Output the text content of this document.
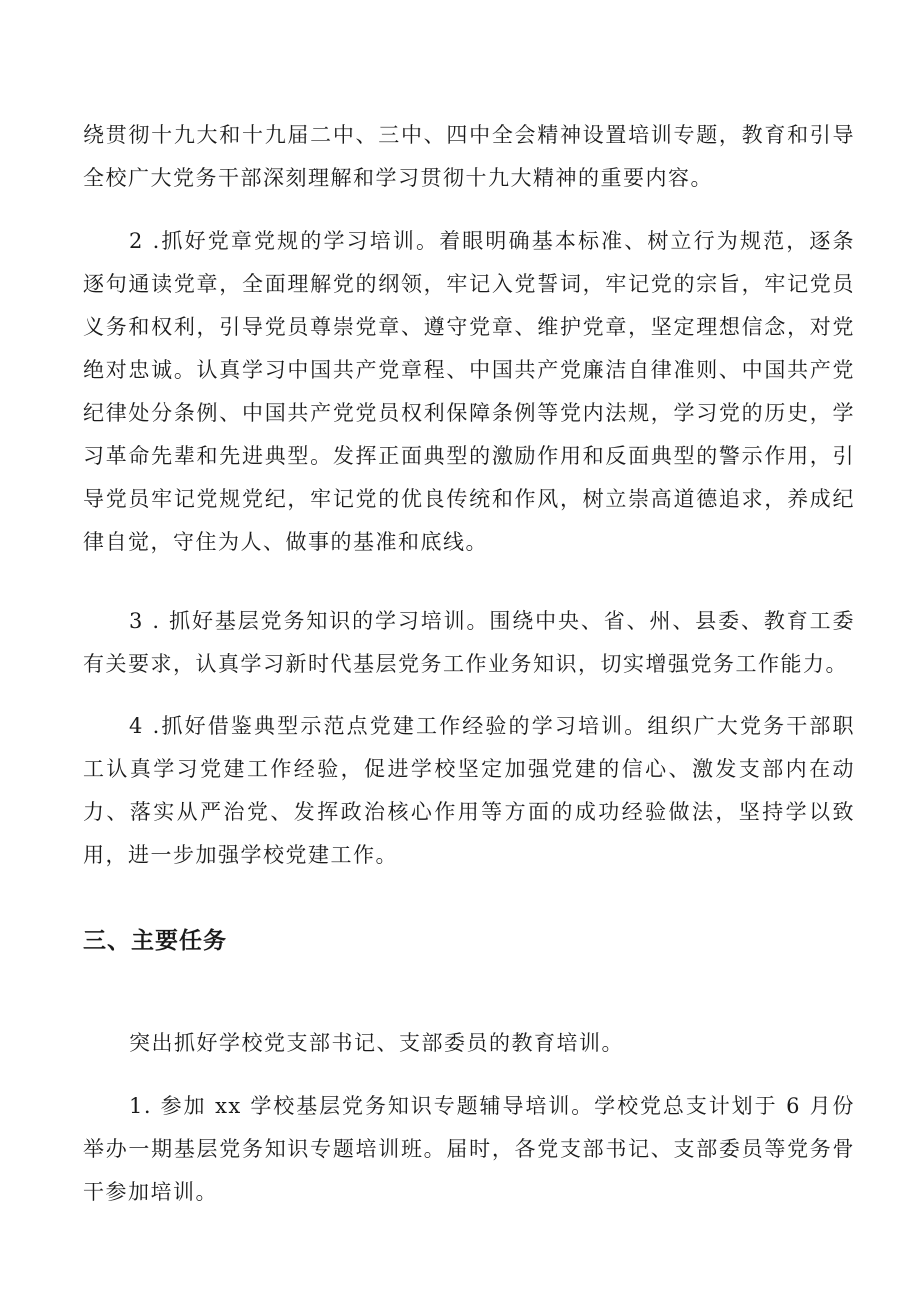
绕贯彻十九大和十九届二中、三中、四中全会精神设置培训专题，教育和引导全校广大党务干部深刻理解和学习贯彻十九大精神的重要内容。

2 .抓好党章党规的学习培训。着眼明确基本标准、树立行为规范，逐条逐句通读党章，全面理解党的纲领，牢记入党誓词，牢记党的宗旨，牢记党员义务和权利，引导党员尊崇党章、遵守党章、维护党章，坚定理想信念，对党绝对忠诚。认真学习中国共产党章程、中国共产党廉洁自律准则、中国共产党纪律处分条例、中国共产党党员权利保障条例等党内法规，学习党的历史，学习革命先辈和先进典型。发挥正面典型的激励作用和反面典型的警示作用，引导党员牢记党规党纪，牢记党的优良传统和作风，树立崇高道德追求，养成纪律自觉，守住为人、做事的基准和底线。

3 . 抓好基层党务知识的学习培训。围绕中央、省、州、县委、教育工委有关要求，认真学习新时代基层党务工作业务知识，切实增强党务工作能力。

4 .抓好借鉴典型示范点党建工作经验的学习培训。组织广大党务干部职工认真学习党建工作经验，促进学校坚定加强党建的信心、激发支部内在动力、落实从严治党、发挥政治核心作用等方面的成功经验做法，坚持学以致用，进一步加强学校党建工作。

三、主要任务

突出抓好学校党支部书记、支部委员的教育培训。

1. 参加 xx 学校基层党务知识专题辅导培训。学校党总支计划于 6 月份举办一期基层党务知识专题培训班。届时，各党支部书记、支部委员等党务骨干参加培训。
